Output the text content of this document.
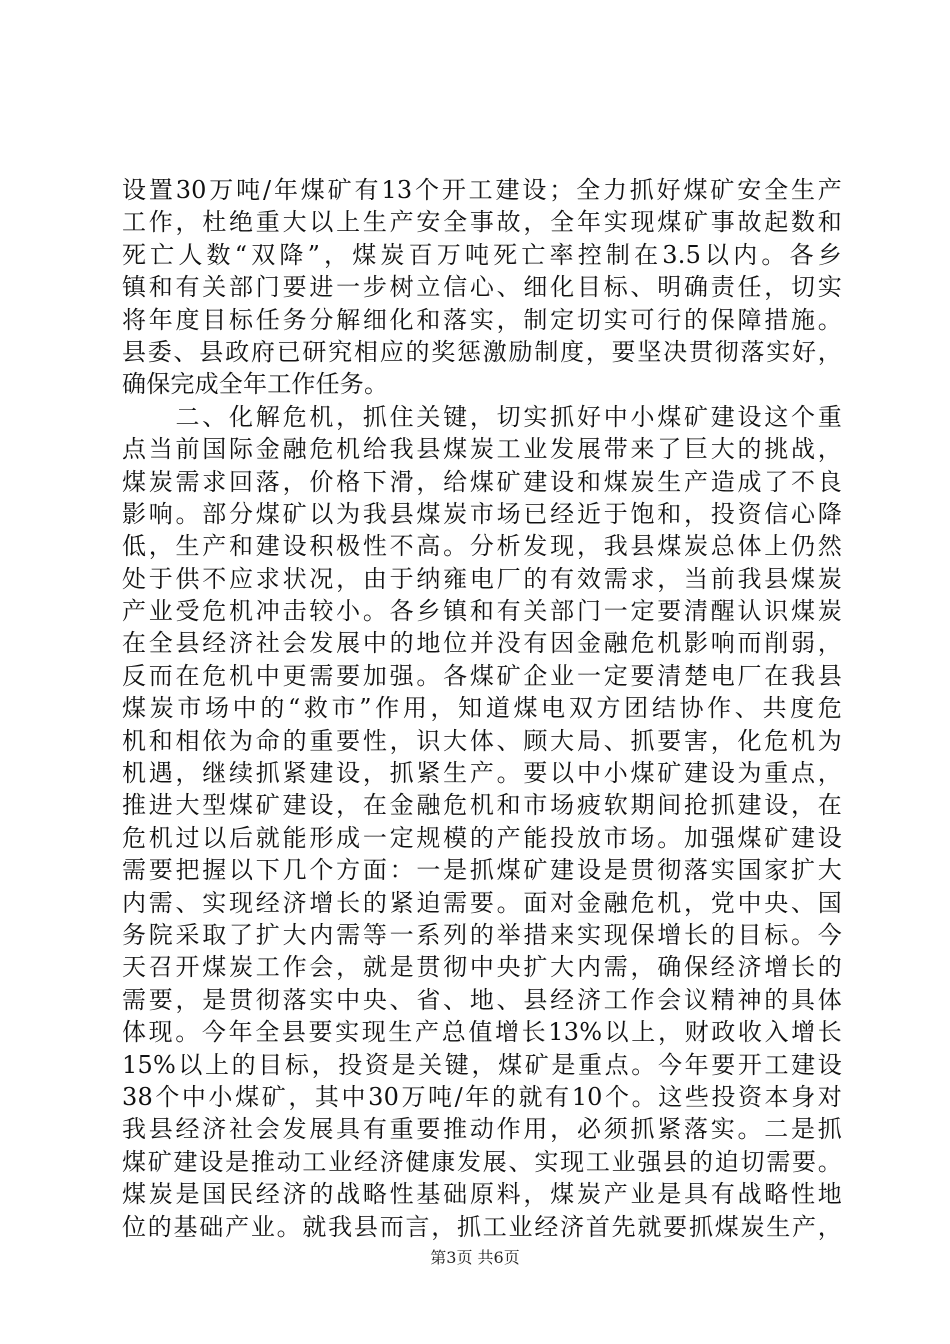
设置30万吨/年煤矿有13个开工建设；全力抓好煤矿安全生产
工作，杜绝重大以上生产安全事故，全年实现煤矿事故起数和
死亡人数“双降”，煤炭百万吨死亡率控制在3.5以内。各乡
镇和有关部门要进一步树立信心、细化目标、明确责任，切实
将年度目标任务分解细化和落实，制定切实可行的保障措施。
县委、县政府已研究相应的奖惩激励制度，要坚决贯彻落实好，
确保完成全年工作任务。
　　二、化解危机，抓住关键，切实抓好中小煤矿建设这个重
点当前国际金融危机给我县煤炭工业发展带来了巨大的挑战，
煤炭需求回落，价格下滑，给煤矿建设和煤炭生产造成了不良
影响。部分煤矿以为我县煤炭市场已经近于饱和，投资信心降
低，生产和建设积极性不高。分析发现，我县煤炭总体上仍然
处于供不应求状况，由于纳雍电厂的有效需求，当前我县煤炭
产业受危机冲击较小。各乡镇和有关部门一定要清醒认识煤炭
在全县经济社会发展中的地位并没有因金融危机影响而削弱，
反而在危机中更需要加强。各煤矿企业一定要清楚电厂在我县
煤炭市场中的“救市”作用，知道煤电双方团结协作、共度危
机和相依为命的重要性，识大体、顾大局、抓要害，化危机为
机遇，继续抓紧建设，抓紧生产。要以中小煤矿建设为重点，
推进大型煤矿建设，在金融危机和市场疲软期间抢抓建设，在
危机过以后就能形成一定规模的产能投放市场。加强煤矿建设
需要把握以下几个方面：一是抓煤矿建设是贯彻落实国家扩大
内需、实现经济增长的紧迫需要。面对金融危机，党中央、国
务院采取了扩大内需等一系列的举措来实现保增长的目标。今
天召开煤炭工作会，就是贯彻中央扩大内需，确保经济增长的
需要，是贯彻落实中央、省、地、县经济工作会议精神的具体
体现。今年全县要实现生产总值增长13%以上，财政收入增长
15%以上的目标，投资是关键，煤矿是重点。今年要开工建设
38个中小煤矿，其中30万吨/年的就有10个。这些投资本身对
我县经济社会发展具有重要推动作用，必须抓紧落实。二是抓
煤矿建设是推动工业经济健康发展、实现工业强县的迫切需要。
煤炭是国民经济的战略性基础原料，煤炭产业是具有战略性地
位的基础产业。就我县而言，抓工业经济首先就要抓煤炭生产，
第3页 共6页
